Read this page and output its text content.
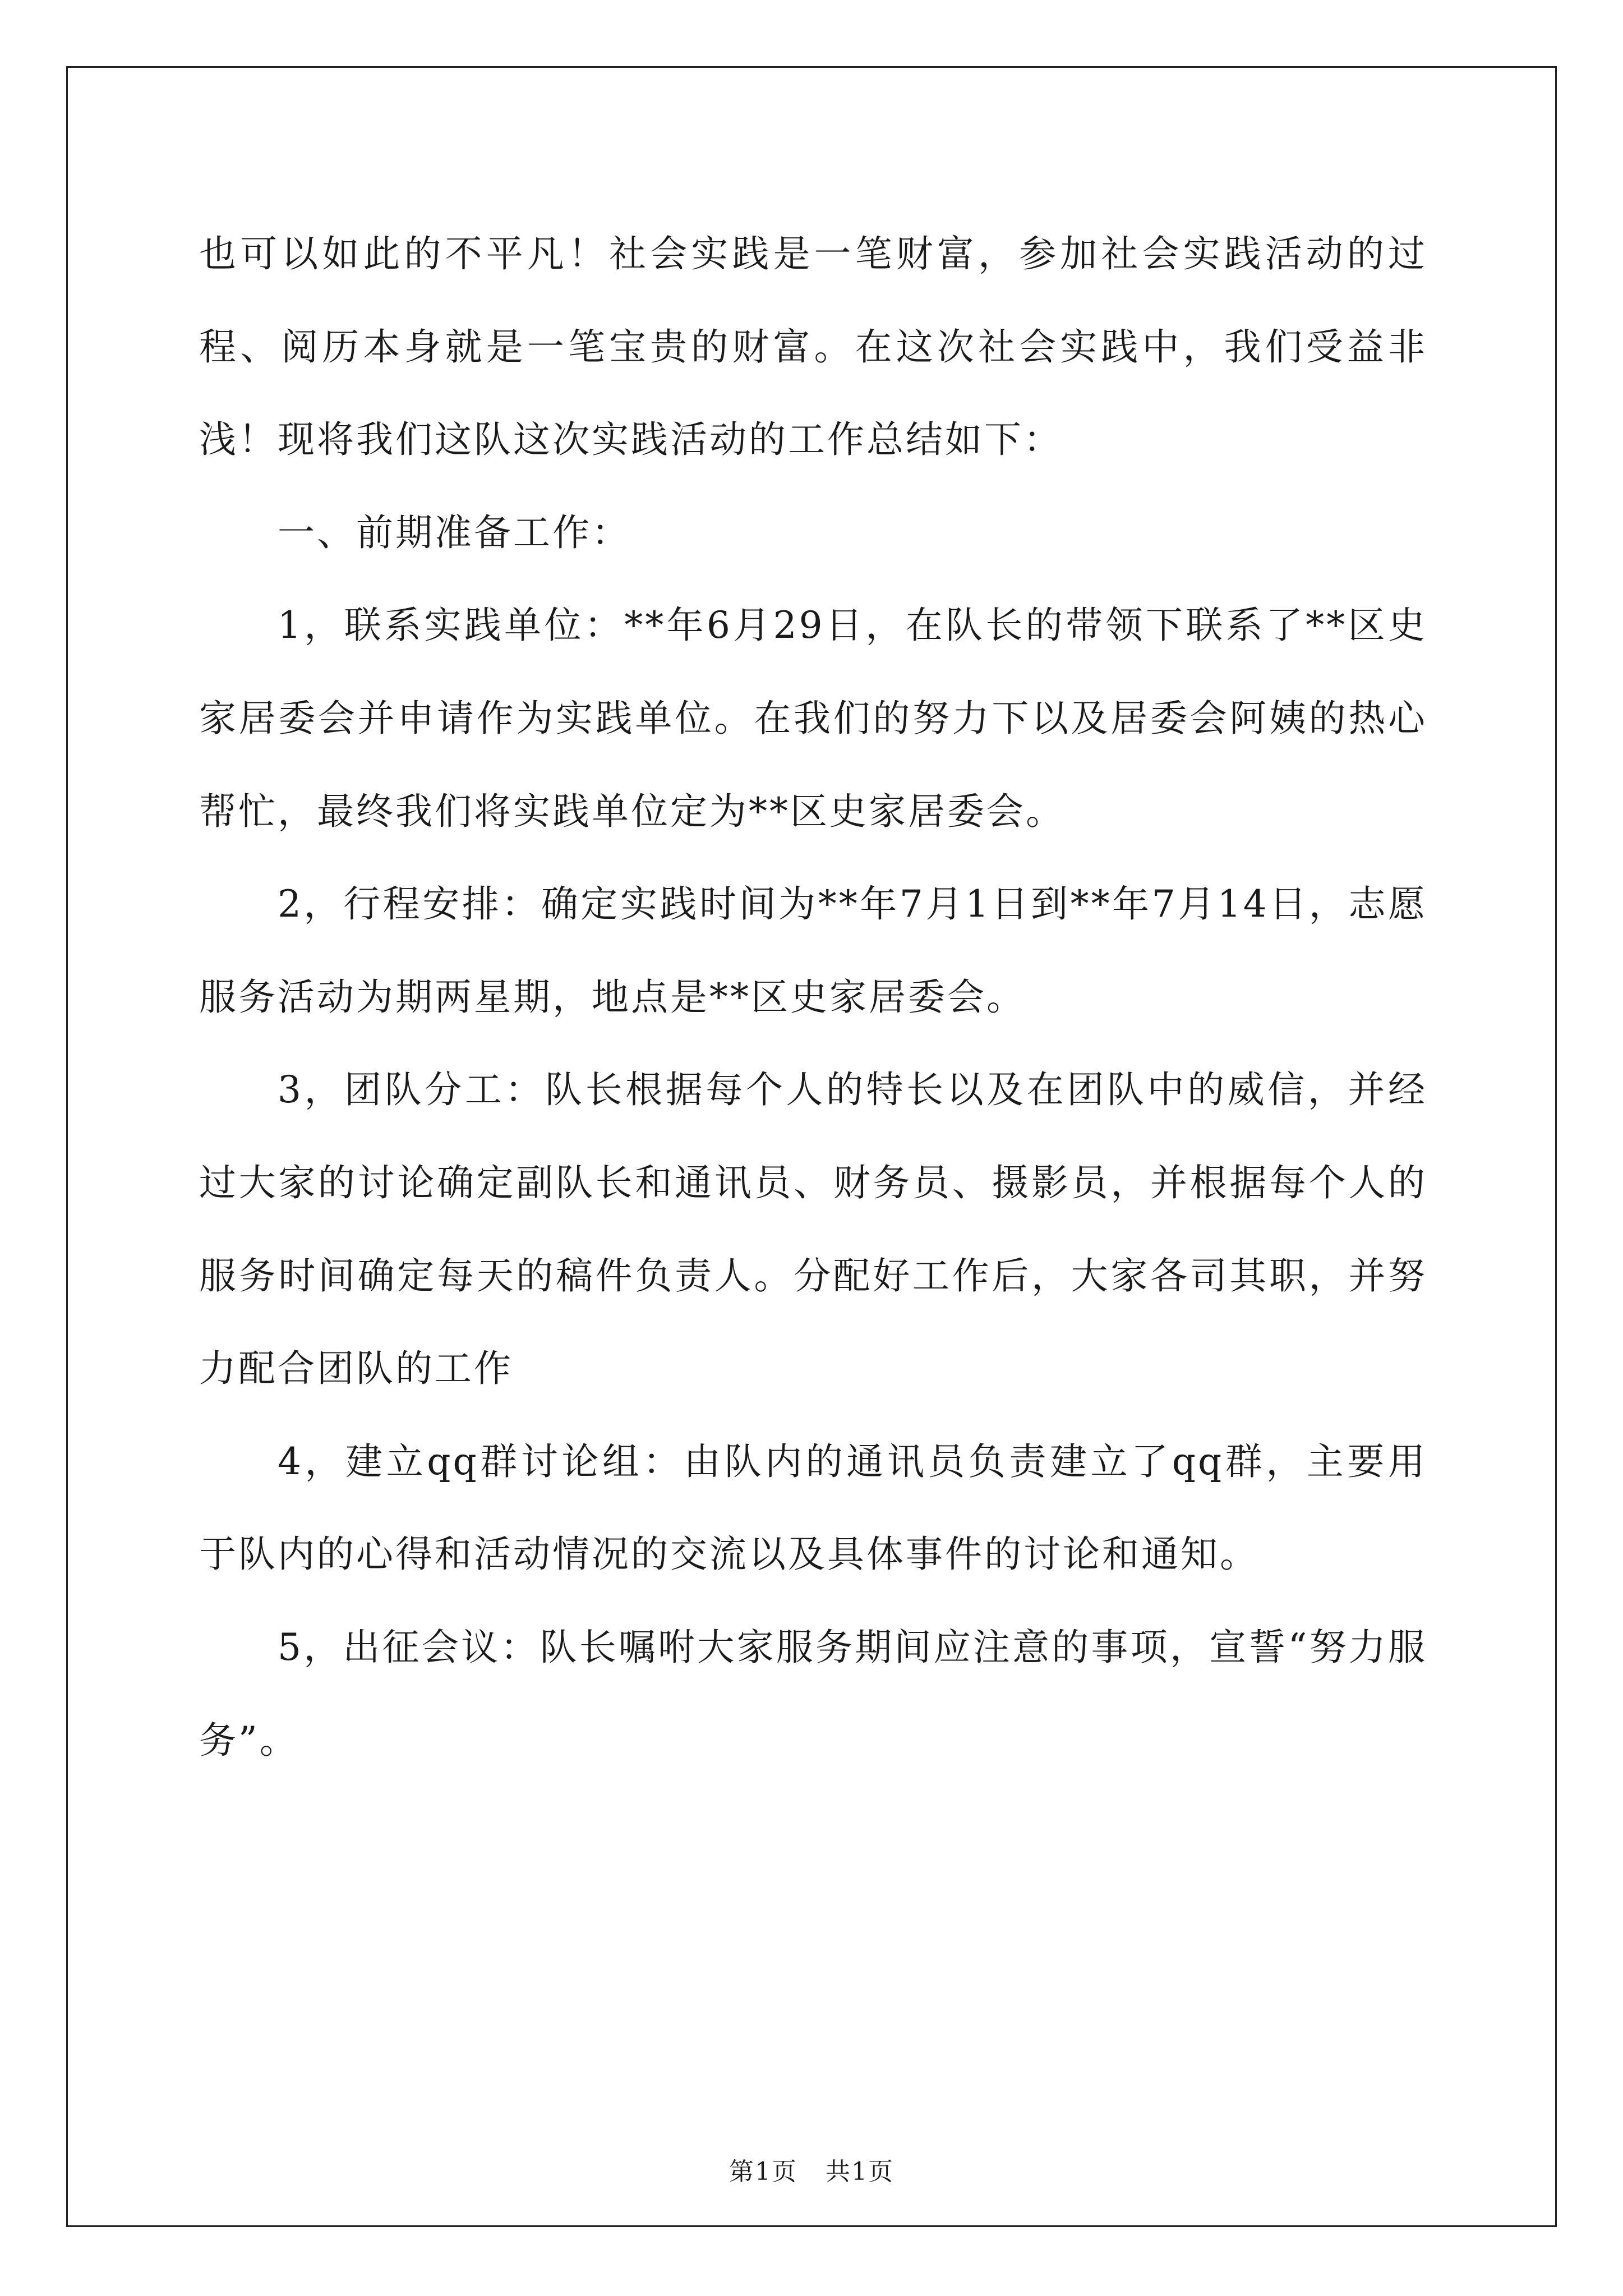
也可以如此的不平凡！社会实践是一笔财富，参加社会实践活动的过程、阅历本身就是一笔宝贵的财富。在这次社会实践中，我们受益非浅！现将我们这队这次实践活动的工作总结如下：

一、前期准备工作：

1，联系实践单位：**年6月29日，在队长的带领下联系了**区史家居委会并申请作为实践单位。在我们的努力下以及居委会阿姨的热心帮忙，最终我们将实践单位定为**区史家居委会。

2，行程安排：确定实践时间为**年7月1日到**年7月14日，志愿服务活动为期两星期，地点是**区史家居委会。

3，团队分工：队长根据每个人的特长以及在团队中的威信，并经过大家的讨论确定副队长和通讯员、财务员、摄影员，并根据每个人的服务时间确定每天的稿件负责人。分配好工作后，大家各司其职，并努力配合团队的工作

4，建立qq群讨论组：由队内的通讯员负责建立了qq群，主要用于队内的心得和活动情况的交流以及具体事件的讨论和通知。

5，出征会议：队长嘱咐大家服务期间应注意的事项，宣誓“努力服务”。

第1页 共1页
